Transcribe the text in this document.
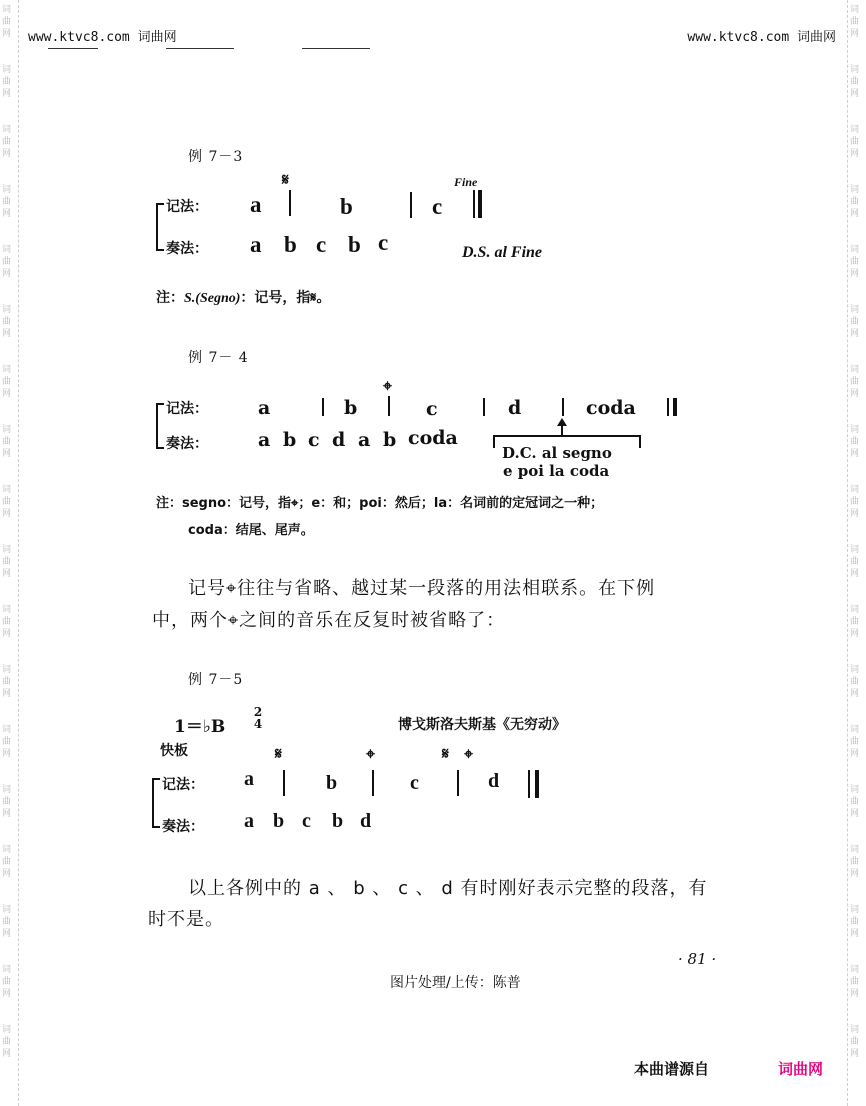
词曲网
词曲网
词曲网
词曲网
词曲网
词曲网
词曲网
词曲网
词曲网
词曲网
词曲网
词曲网
词曲网
词曲网
词曲网
词曲网
词曲网
词曲网
词曲网
词曲网
词曲网
词曲网
词曲网
词曲网
词曲网
词曲网
词曲网
词曲网
词曲网
词曲网
词曲网
词曲网
词曲网
词曲网
词曲网
词曲网
www.ktvc8.com 词曲网	www.ktvc8.com 词曲网
例 7－3
𝄋	Fine
记法：
奏法：
a	b	c
a b c b c	D.S. al Fine
注：S.(Segno)：记号，指𝄋。
例 7－ 4
⌖
记法：
奏法：
a	b	c	d	coda
a b c d a b coda
D.C. al segno
e poi la coda
注：segno：记号，指⌖；e：和；poi：然后；la：名词前的定冠词之一种；
coda：结尾、尾声。
记号⌖往往与省略、越过某一段落的用法相联系。在下例
中，两个⌖之间的音乐在反复时被省略了：
例 7－5
1＝♭B
2
4	博戈斯洛夫斯基《无穷动》
快板	𝄋	⌖	𝄋 ⌖
记法：
奏法：
a	b	c	d
a b c b d
以上各例中的 a 、 b 、 c 、 d 有时刚好表示完整的段落，有
时不是。
· 81 ·
图片处理/上传：陈普
本曲谱源自	词曲网
